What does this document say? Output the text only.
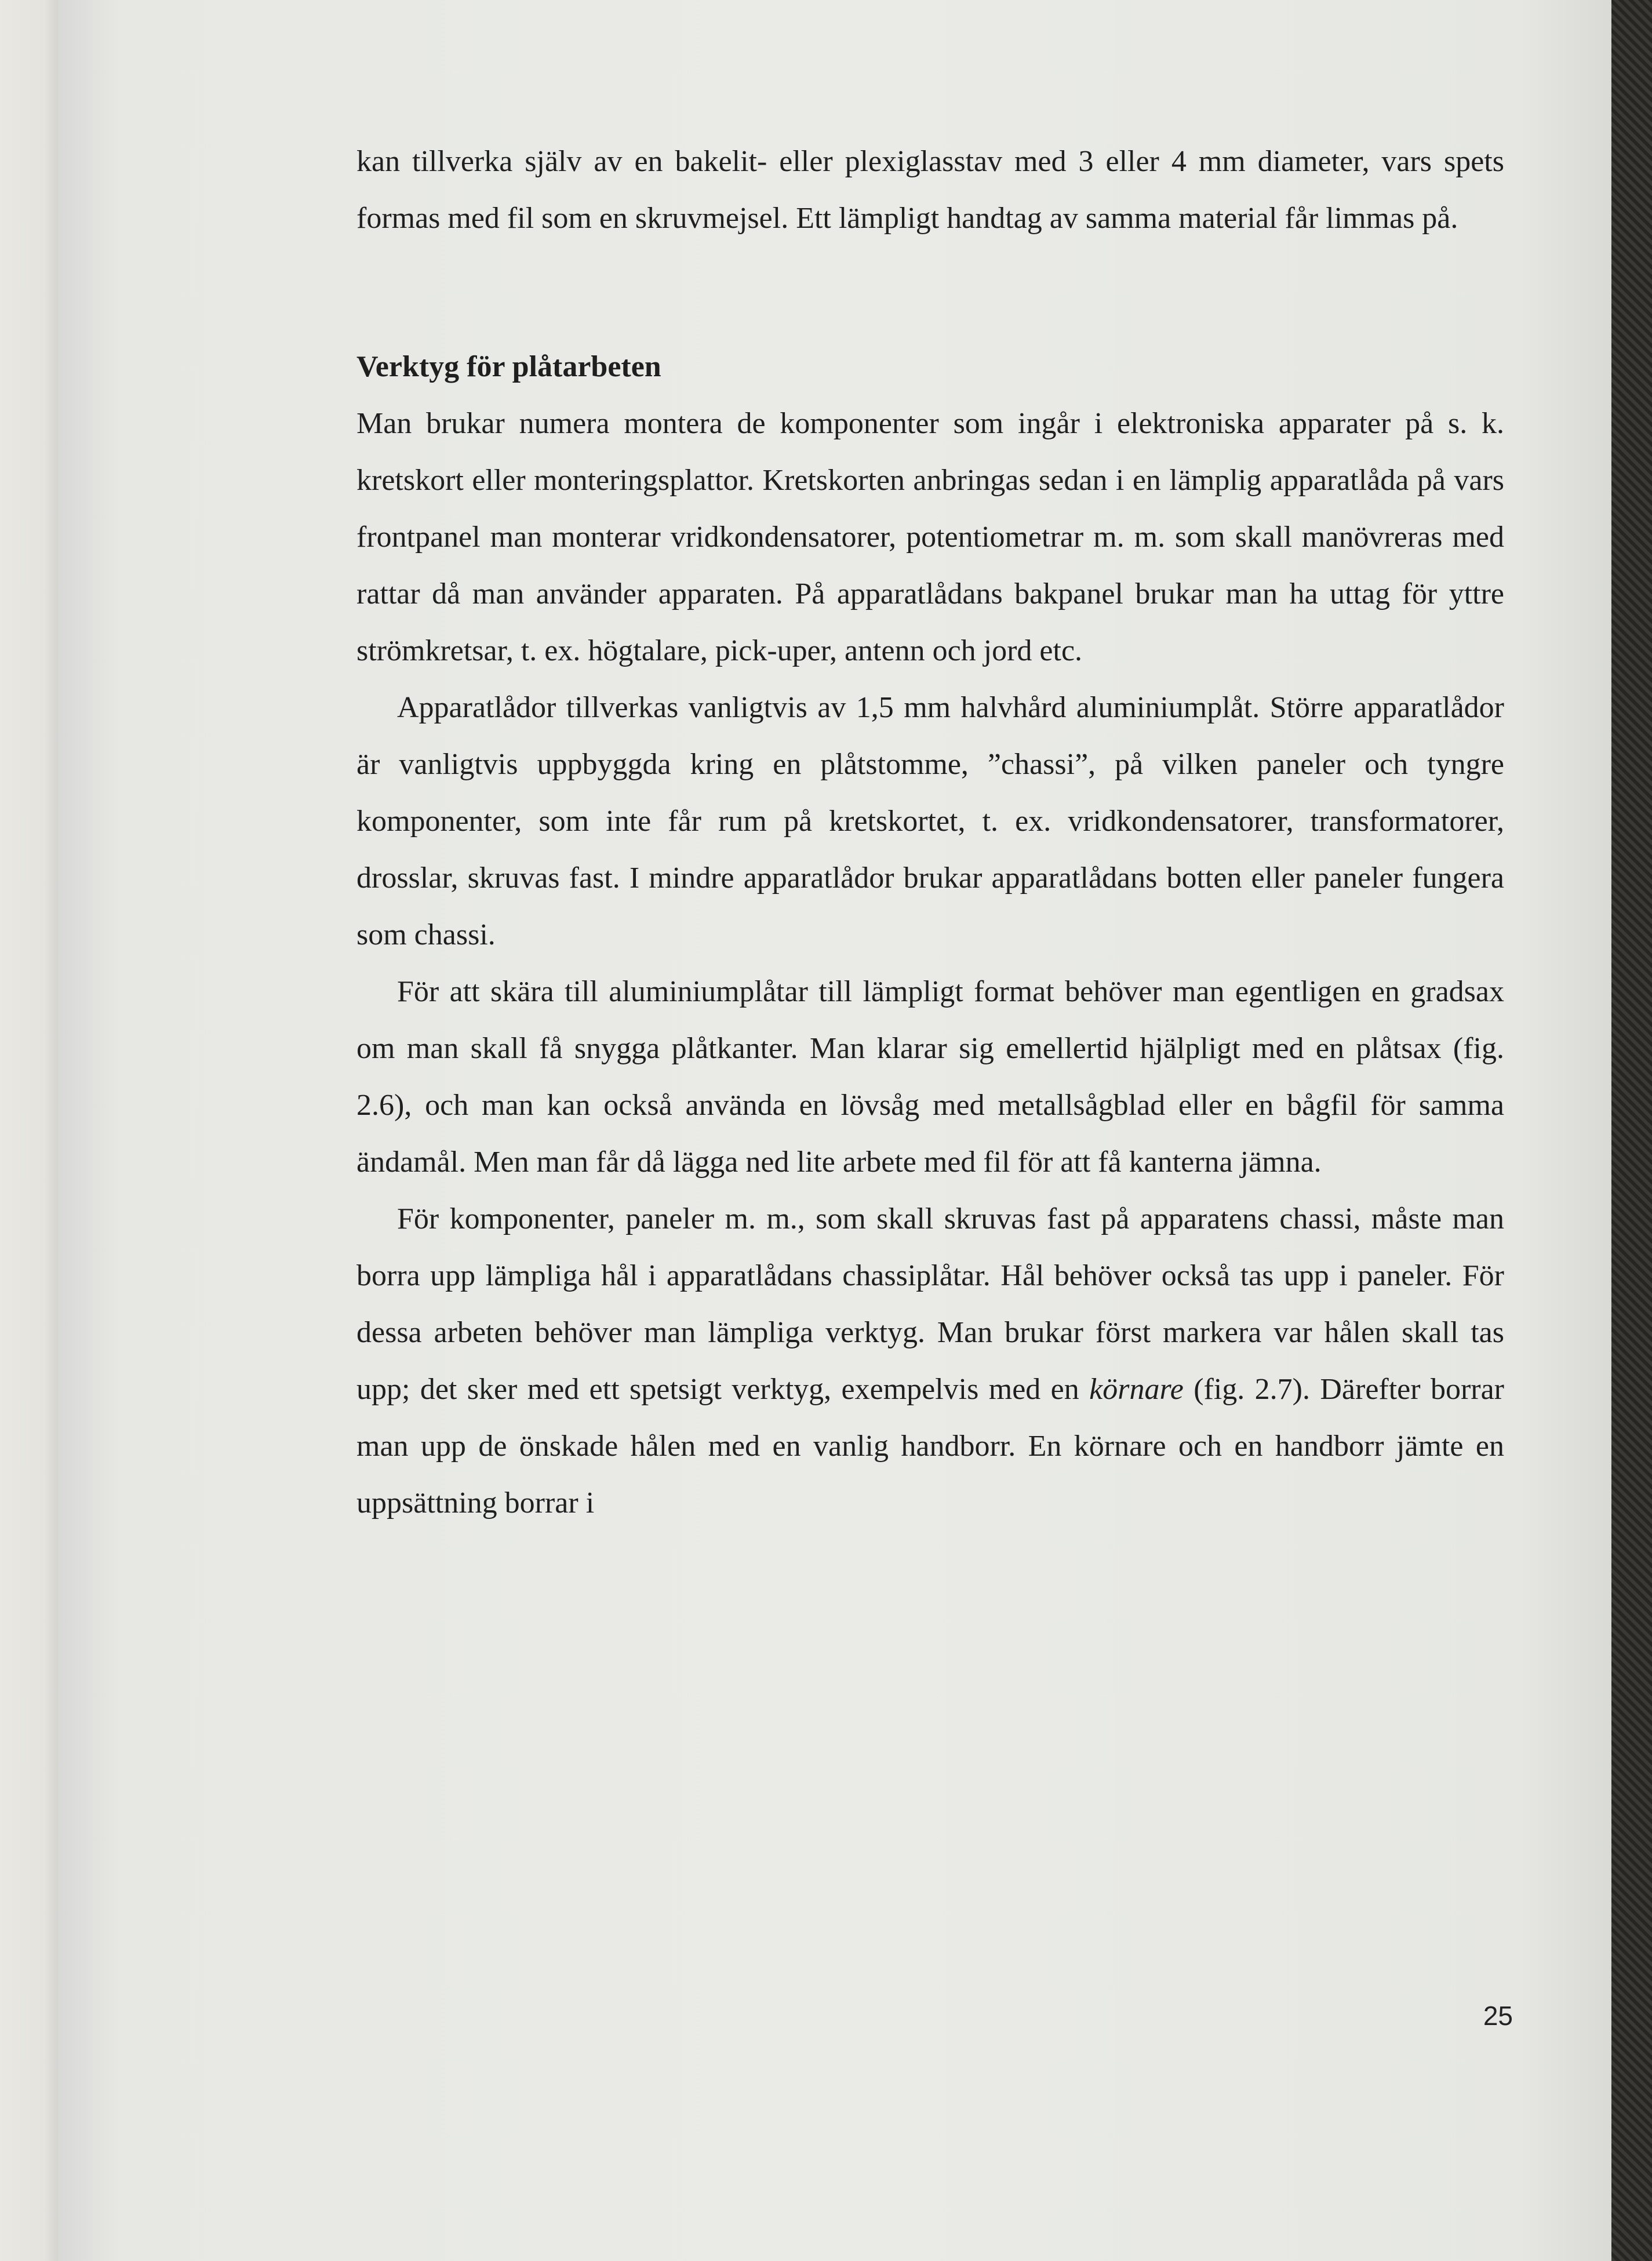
kan tillverka själv av en bakelit- eller plexiglasstav med 3 eller 4 mm diameter, vars spets formas med fil som en skruvmejsel. Ett lämpligt handtag av samma material får limmas på.

Verktyg för plåtarbeten

Man brukar numera montera de komponenter som ingår i elektroniska apparater på s. k. kretskort eller monteringsplattor. Kretskorten anbringas sedan i en lämplig apparatlåda på vars frontpanel man monterar vridkondensatorer, potentiometrar m. m. som skall manövreras med rattar då man använder apparaten. På apparatlådans bakpanel brukar man ha uttag för yttre strömkretsar, t. ex. högtalare, pick-uper, antenn och jord etc.

Apparatlådor tillverkas vanligtvis av 1,5 mm halvhård aluminiumplåt. Större apparatlådor är vanligtvis uppbyggda kring en plåtstomme, ”chassi”, på vilken paneler och tyngre komponenter, som inte får rum på kretskortet, t. ex. vridkondensatorer, transformatorer, drosslar, skruvas fast. I mindre apparatlådor brukar apparatlådans botten eller paneler fungera som chassi.

För att skära till aluminiumplåtar till lämpligt format behöver man egentligen en gradsax om man skall få snygga plåtkanter. Man klarar sig emellertid hjälpligt med en plåtsax (fig. 2.6), och man kan också använda en lövsåg med metallsågblad eller en bågfil för samma ändamål. Men man får då lägga ned lite arbete med fil för att få kanterna jämna.

För komponenter, paneler m. m., som skall skruvas fast på apparatens chassi, måste man borra upp lämpliga hål i apparatlådans chassiplåtar. Hål behöver också tas upp i paneler. För dessa arbeten behöver man lämpliga verktyg. Man brukar först markera var hålen skall tas upp; det sker med ett spetsigt verktyg, exempelvis med en körnare (fig. 2.7). Därefter borrar man upp de önskade hålen med en vanlig handborr. En körnare och en handborr jämte en uppsättning borrar i

25
